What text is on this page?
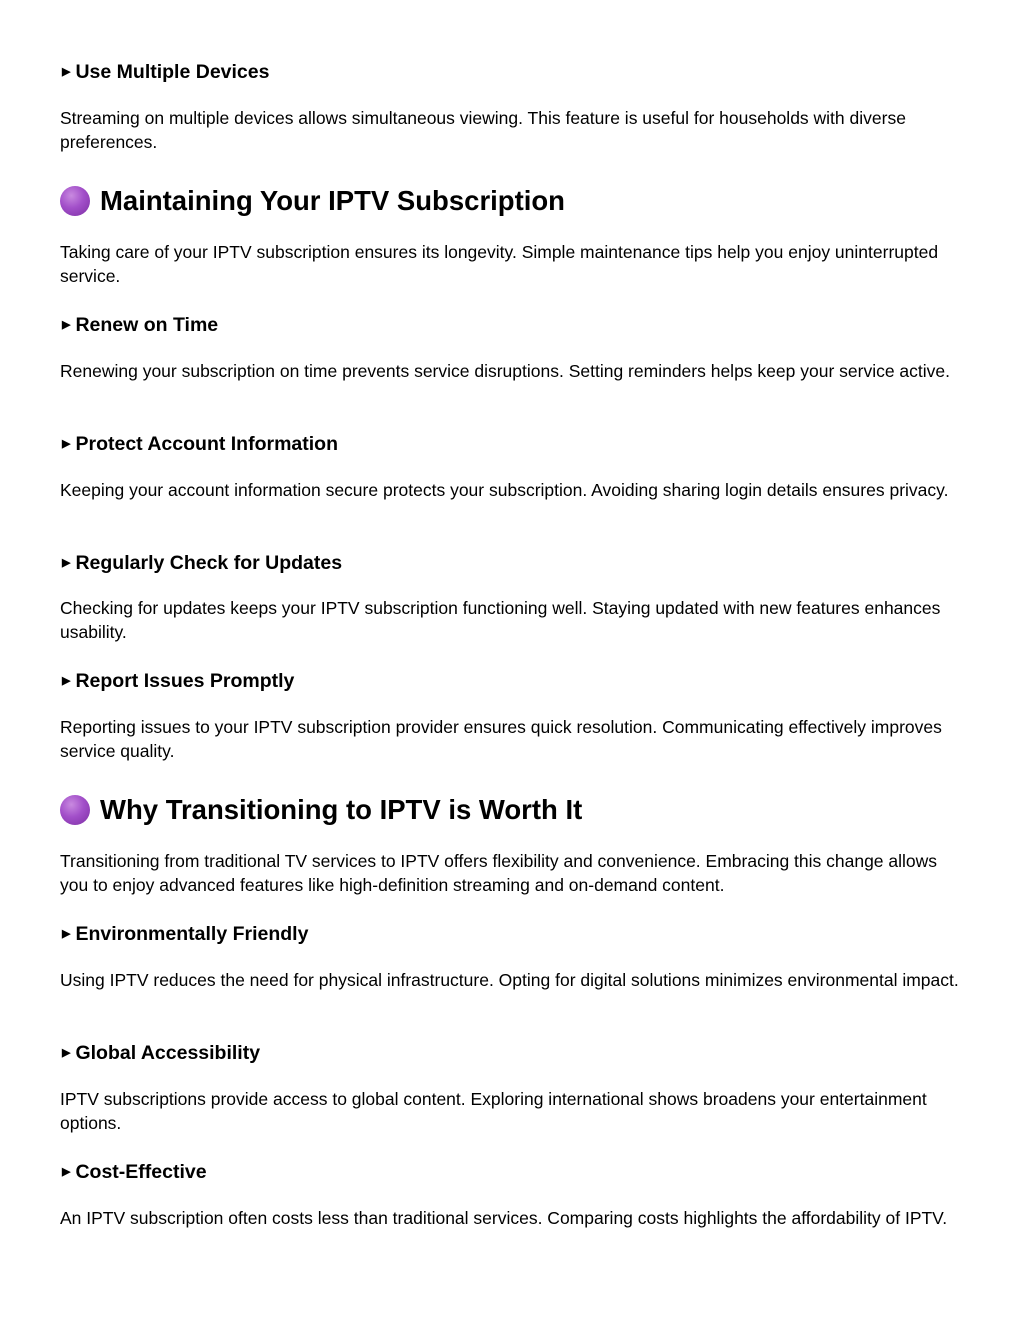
▶ Use Multiple Devices
Streaming on multiple devices allows simultaneous viewing. This feature is useful for households with diverse preferences.
Maintaining Your IPTV Subscription
Taking care of your IPTV subscription ensures its longevity. Simple maintenance tips help you enjoy uninterrupted service.
▶ Renew on Time
Renewing your subscription on time prevents service disruptions. Setting reminders helps keep your service active.
▶ Protect Account Information
Keeping your account information secure protects your subscription. Avoiding sharing login details ensures privacy.
▶ Regularly Check for Updates
Checking for updates keeps your IPTV subscription functioning well. Staying updated with new features enhances usability.
▶ Report Issues Promptly
Reporting issues to your IPTV subscription provider ensures quick resolution. Communicating effectively improves service quality.
Why Transitioning to IPTV is Worth It
Transitioning from traditional TV services to IPTV offers flexibility and convenience. Embracing this change allows you to enjoy advanced features like high-definition streaming and on-demand content.
▶ Environmentally Friendly
Using IPTV reduces the need for physical infrastructure. Opting for digital solutions minimizes environmental impact.
▶ Global Accessibility
IPTV subscriptions provide access to global content. Exploring international shows broadens your entertainment options.
▶ Cost-Effective
An IPTV subscription often costs less than traditional services. Comparing costs highlights the affordability of IPTV.
